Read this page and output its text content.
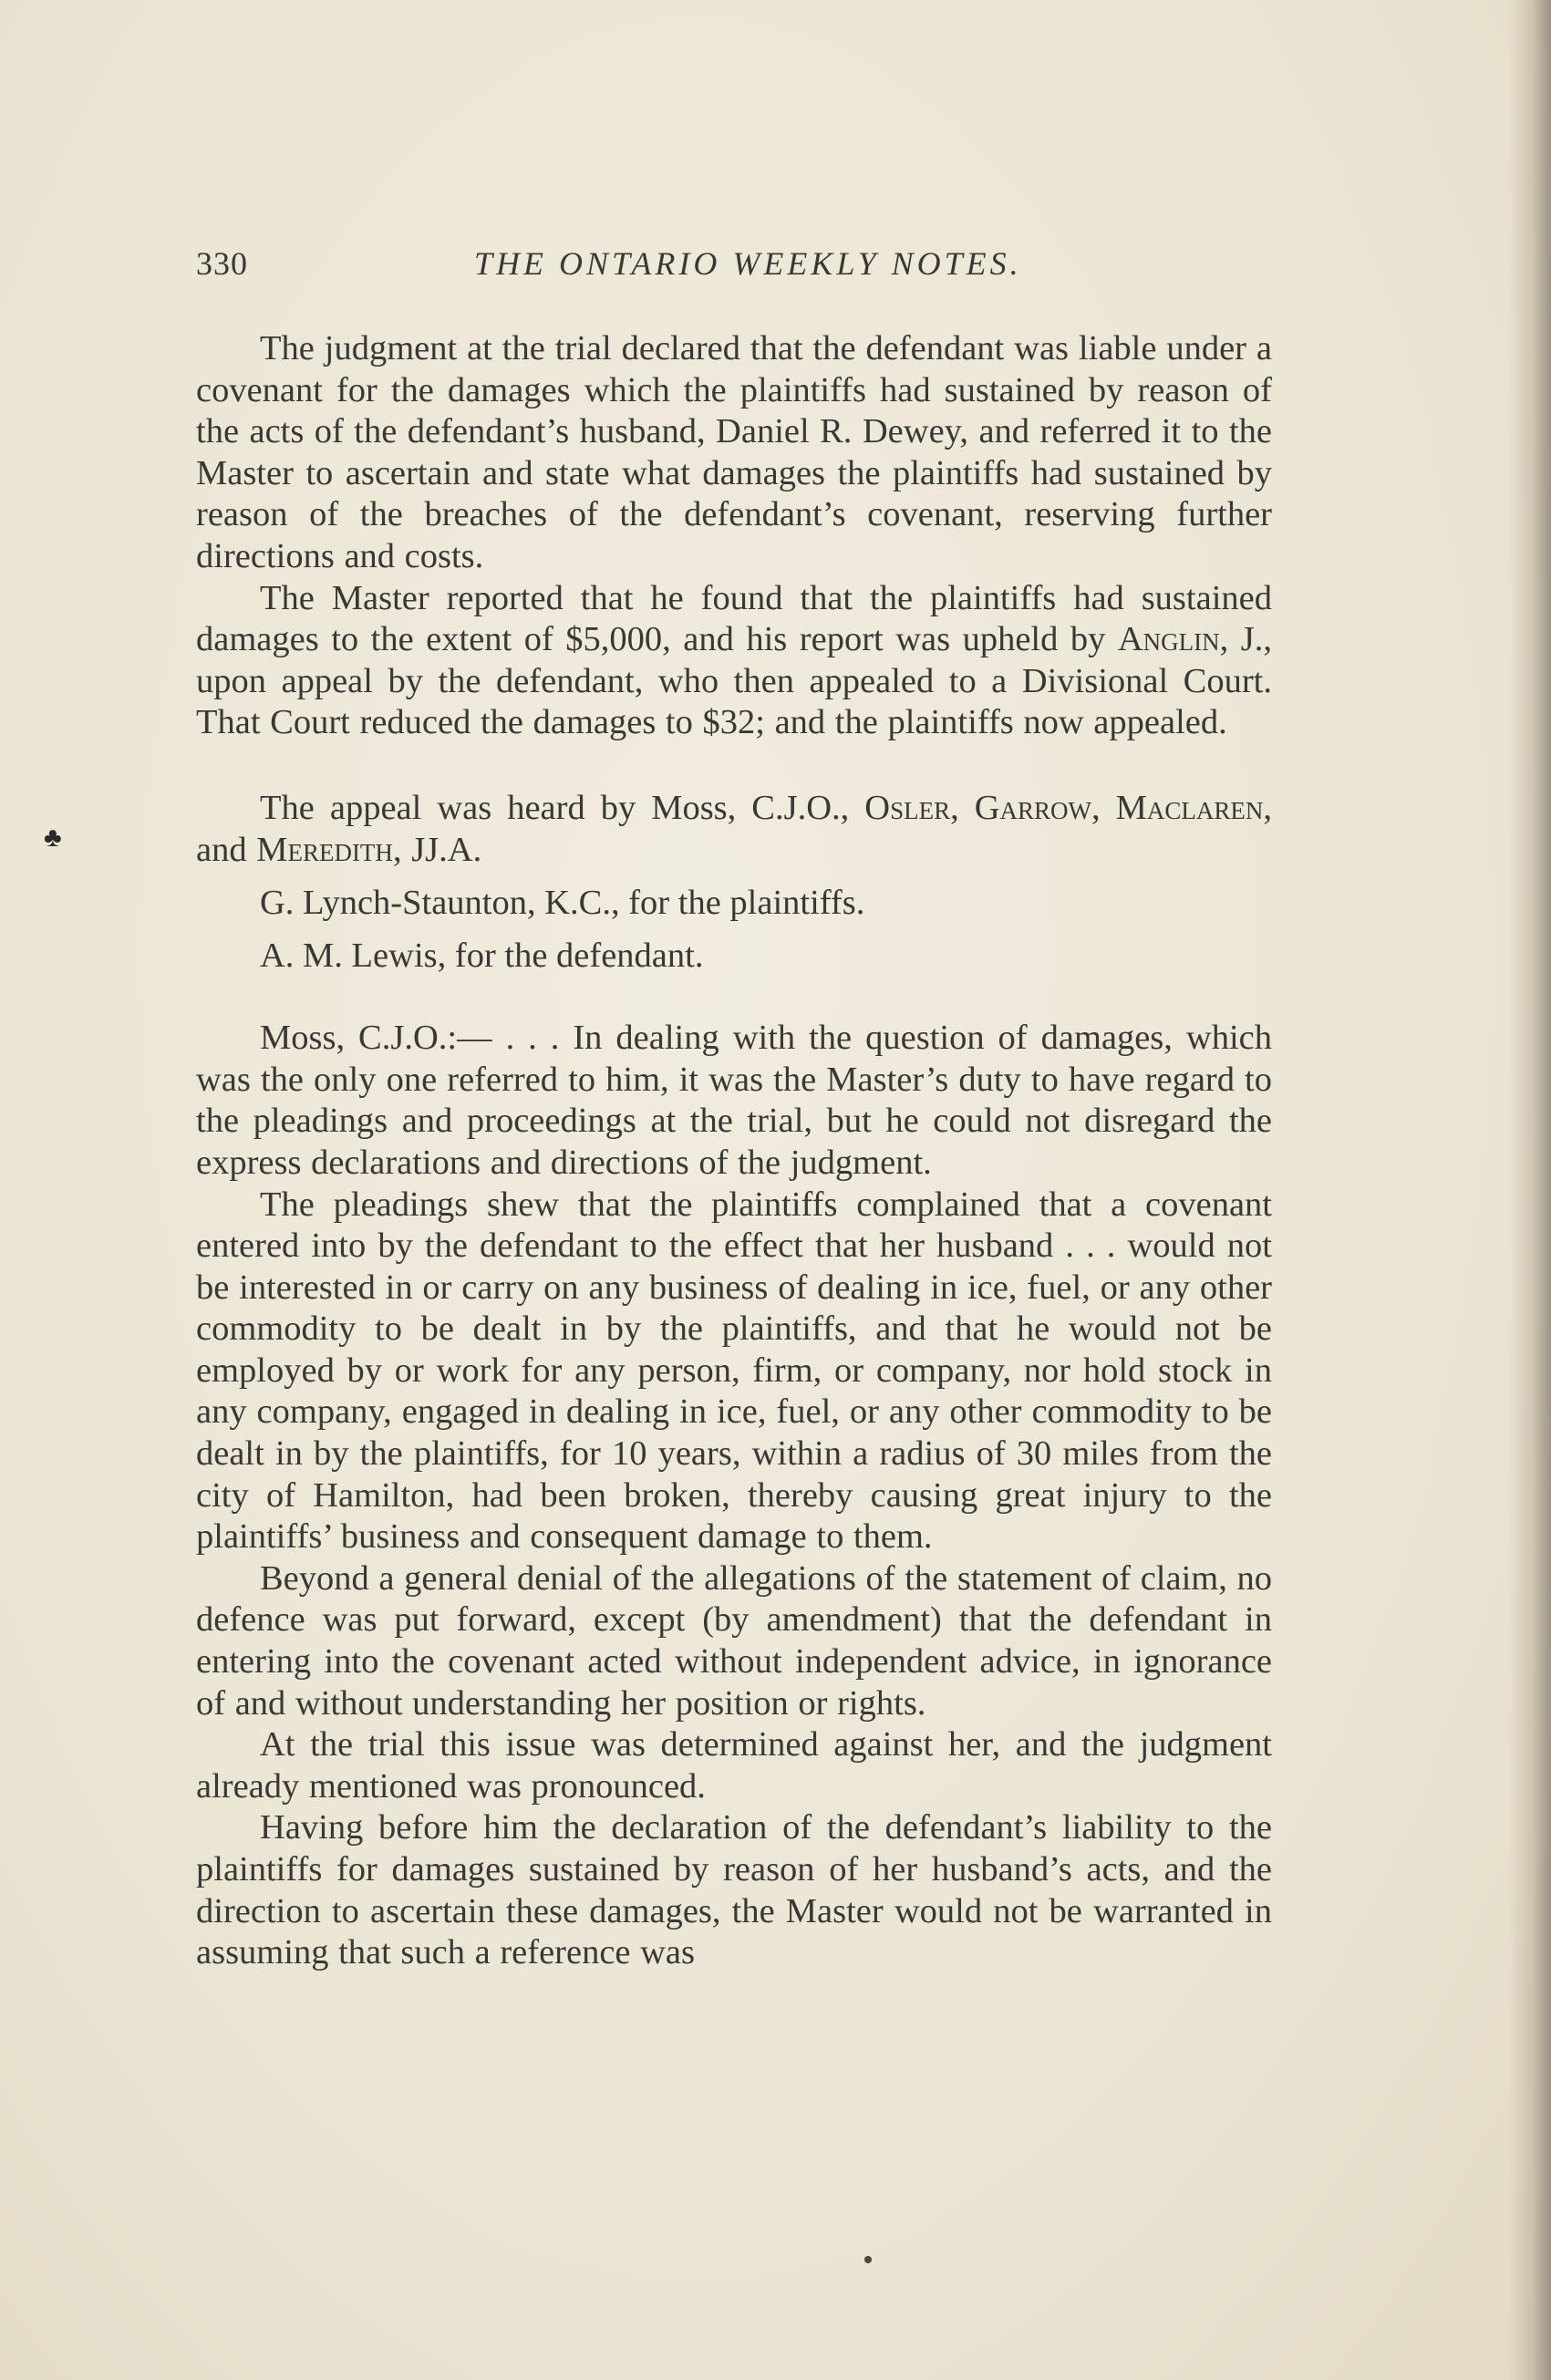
330	THE ONTARIO WEEKLY NOTES.
♣

The judgment at the trial declared that the defendant was liable under a covenant for the damages which the plaintiffs had sustained by reason of the acts of the defendant’s husband, Daniel R. Dewey, and referred it to the Master to ascertain and state what damages the plaintiffs had sustained by reason of the breaches of the defendant’s covenant, reserving further directions and costs.

The Master reported that he found that the plaintiffs had sustained damages to the extent of $5,000, and his report was upheld by Anglin, J., upon appeal by the defendant, who then appealed to a Divisional Court. That Court reduced the damages to $32; and the plaintiffs now appealed.

The appeal was heard by Moss, C.J.O., Osler, Garrow, Maclaren, and Meredith, JJ.A.

G. Lynch-Staunton, K.C., for the plaintiffs.

A. M. Lewis, for the defendant.

Moss, C.J.O.:— . . . In dealing with the question of damages, which was the only one referred to him, it was the Master’s duty to have regard to the pleadings and proceedings at the trial, but he could not disregard the express declarations and directions of the judgment.

The pleadings shew that the plaintiffs complained that a covenant entered into by the defendant to the effect that her husband . . . would not be interested in or carry on any business of dealing in ice, fuel, or any other commodity to be dealt in by the plaintiffs, and that he would not be employed by or work for any person, firm, or company, nor hold stock in any company, engaged in dealing in ice, fuel, or any other commodity to be dealt in by the plaintiffs, for 10 years, within a radius of 30 miles from the city of Hamilton, had been broken, thereby causing great injury to the plaintiffs’ business and consequent damage to them.

Beyond a general denial of the allegations of the statement of claim, no defence was put forward, except (by amendment) that the defendant in entering into the covenant acted without independent advice, in ignorance of and without understanding her position or rights.

At the trial this issue was determined against her, and the judgment already mentioned was pronounced.

Having before him the declaration of the defendant’s liability to the plaintiffs for damages sustained by reason of her husband’s acts, and the direction to ascertain these damages, the Master would not be warranted in assuming that such a reference was
